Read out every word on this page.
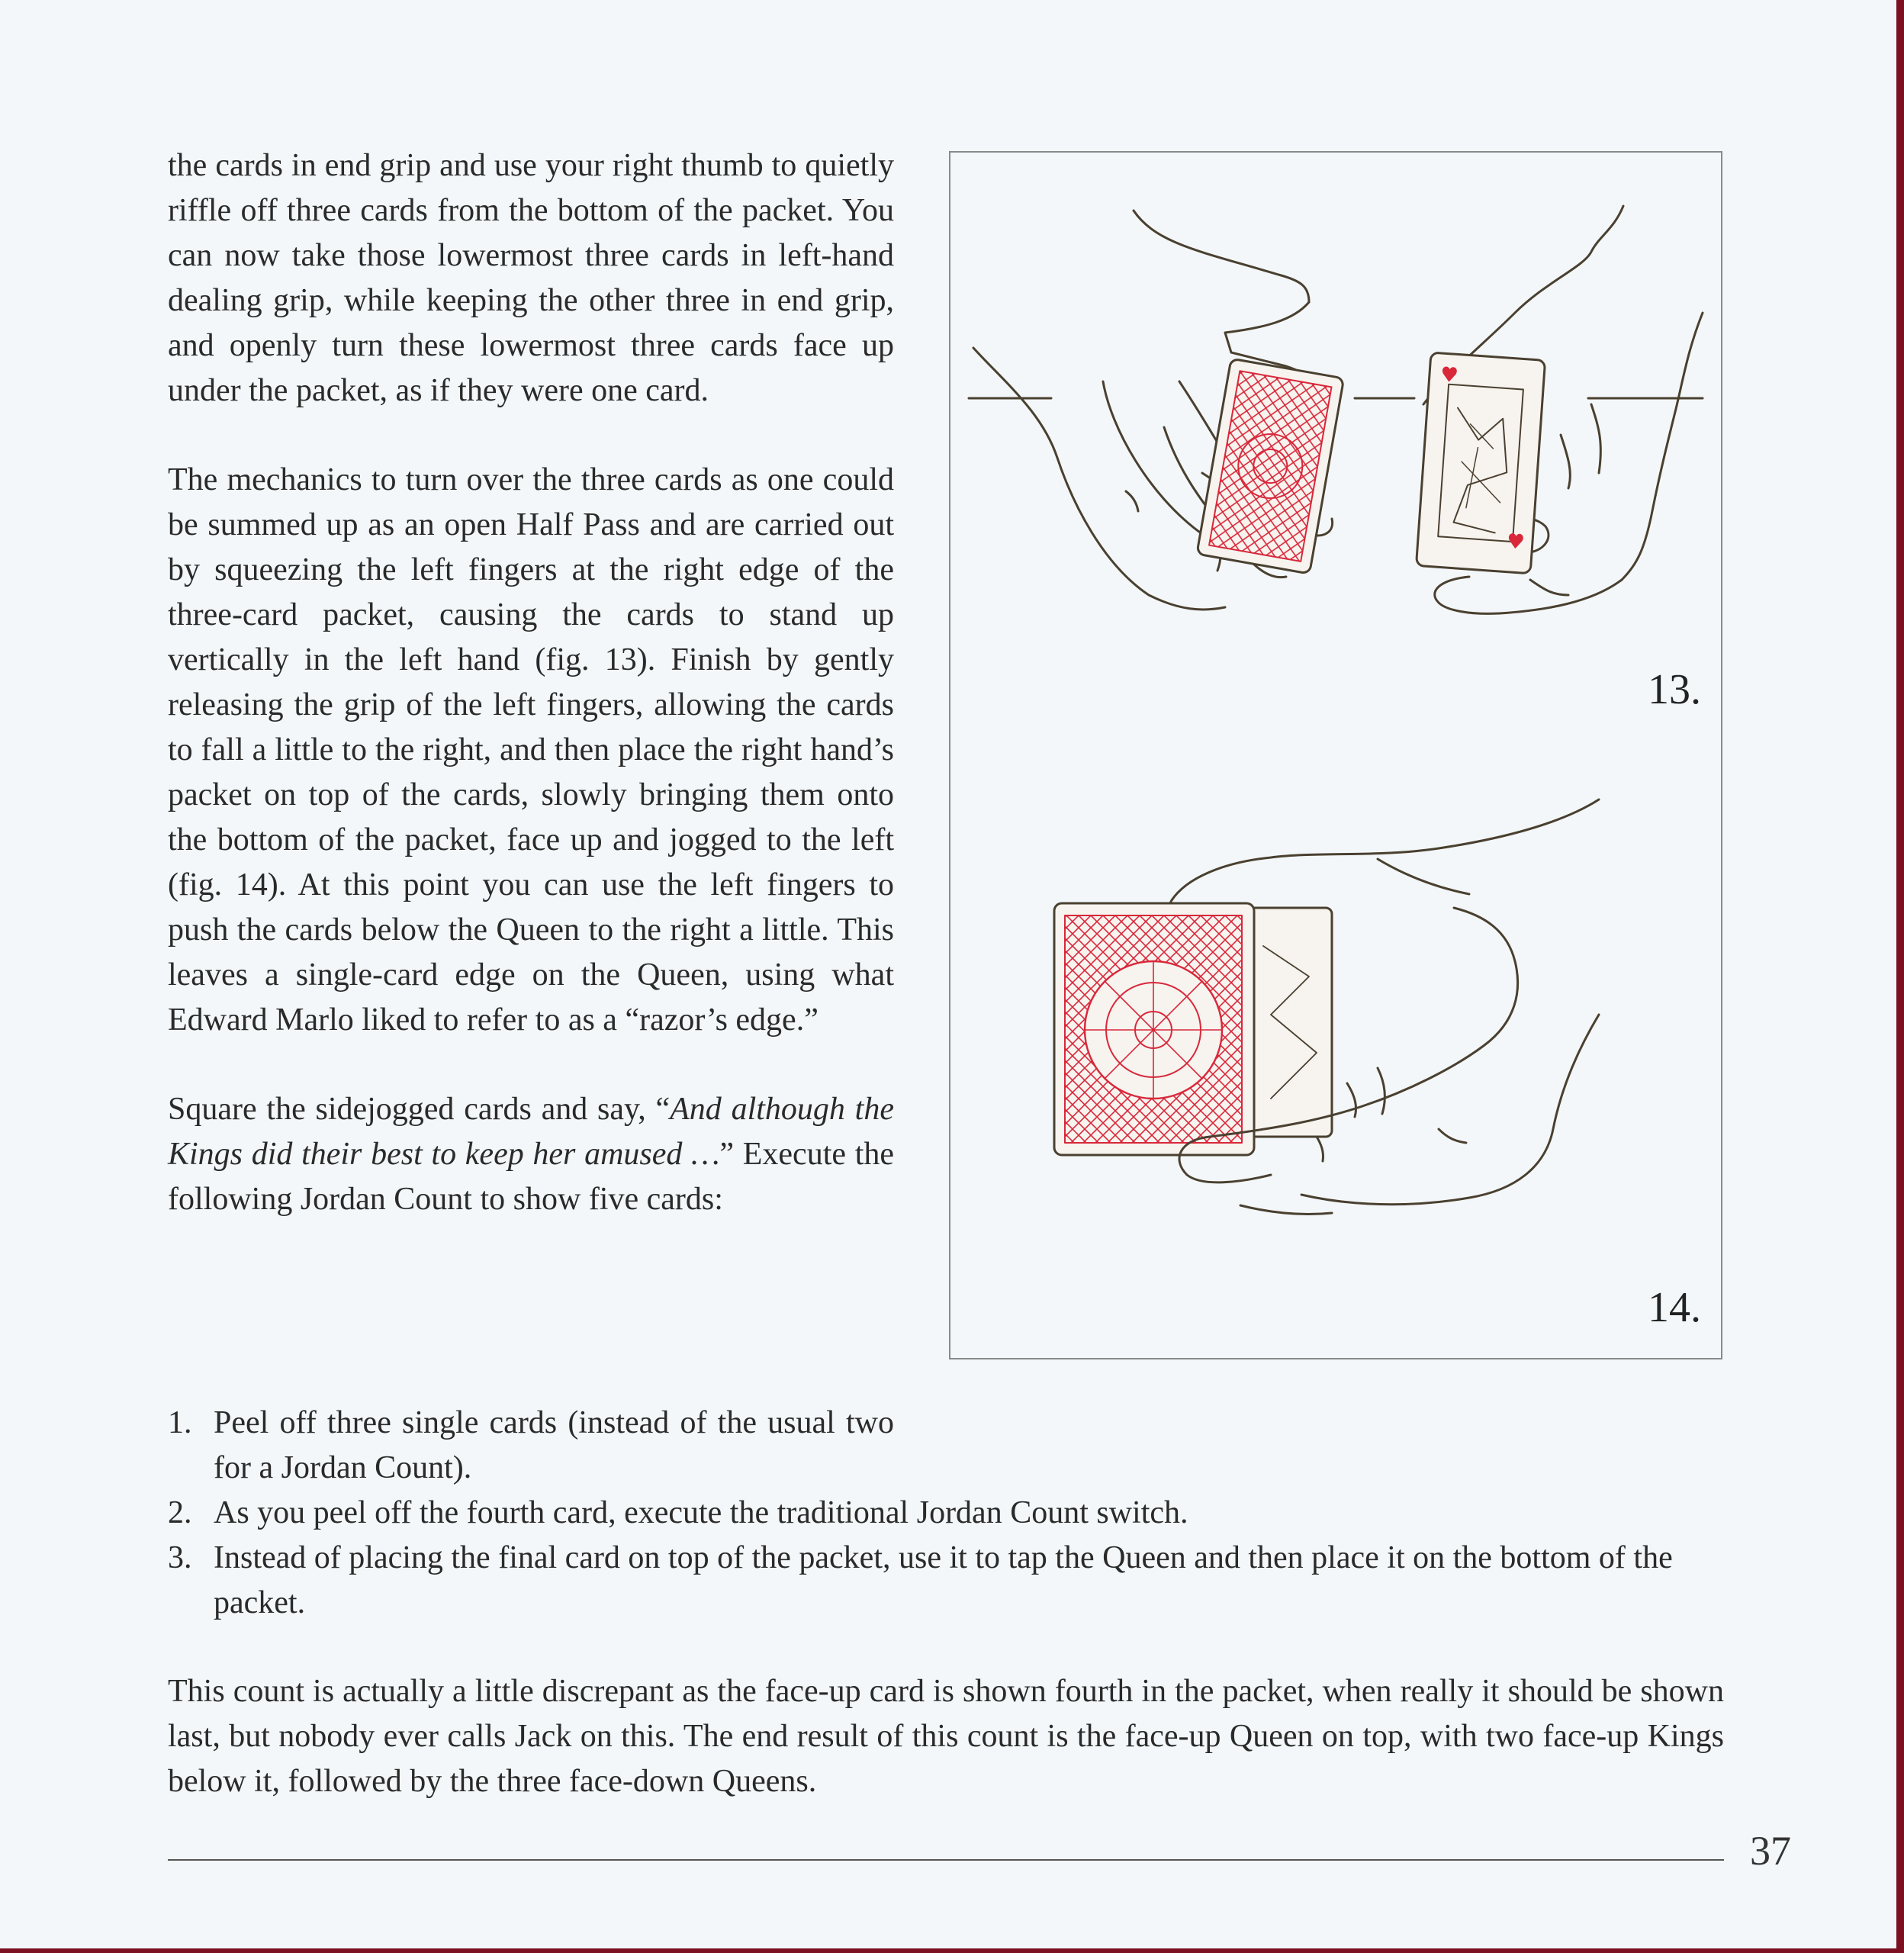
the cards in end grip and use your right thumb to quietly riffle off three cards from the bottom of the packet. You can now take those lowermost three cards in left-hand dealing grip, while keeping the other three in end grip, and openly turn these lowermost three cards face up under the packet, as if they were one card.

The mechanics to turn over the three cards as one could be summed up as an open Half Pass and are carried out by squeezing the left fingers at the right edge of the three-card packet, causing the cards to stand up vertically in the left hand (fig. 13). Finish by gently releasing the grip of the left fingers, allowing the cards to fall a little to the right, and then place the right hand’s packet on top of the cards, slowly bringing them onto the bottom of the packet, face up and jogged to the left (fig. 14). At this point you can use the left fingers to push the cards below the Queen to the right a little. This leaves a single-card edge on the Queen, using what Edward Marlo liked to refer to as a “razor’s edge.”

Square the sidejogged cards and say, “And although the Kings did their best to keep her amused …” Execute the following Jordan Count to show five cards:

13.
14.
1. Peel off three single cards (instead of the usual two for a Jordan Count).
2. As you peel off the fourth card, execute the traditional Jordan Count switch.
3. Instead of placing the final card on top of the packet, use it to tap the Queen and then place it on the bottom of the packet.

This count is actually a little discrepant as the face-up card is shown fourth in the packet, when really it should be shown last, but nobody ever calls Jack on this. The end result of this count is the face-up Queen on top, with two face-up Kings below it, followed by the three face-down Queens.

37
